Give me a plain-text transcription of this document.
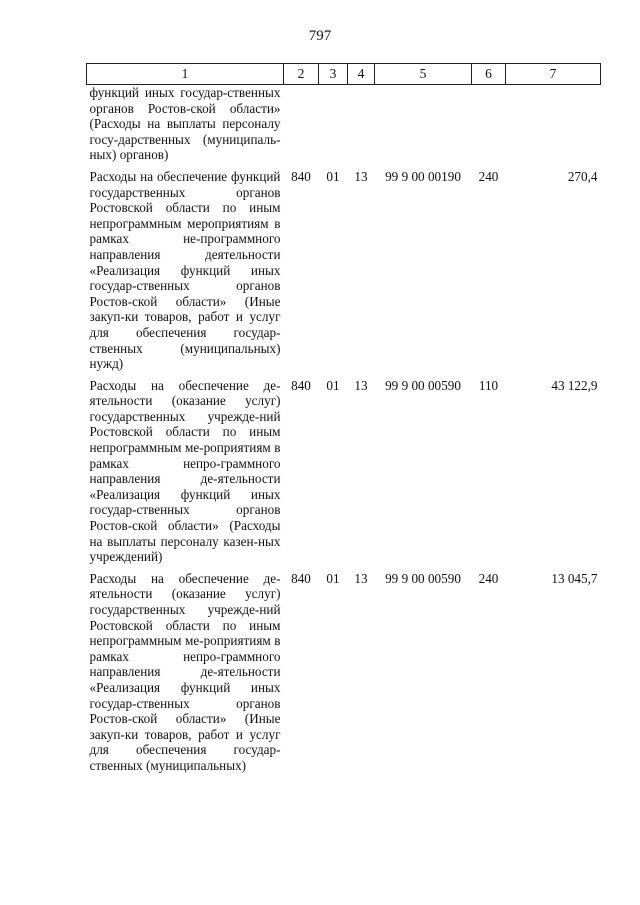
797
1	2	3	4	5	6	7
функций иных государ-ственных органов Ростов-ской области» (Расходы на выплаты персоналу госу-дарственных (муниципаль-ных) органов)						
Расходы на обеспечение функций государственных органов Ростовской области по иным непрограммным мероприятиям в рамках не-программного направления деятельности «Реализация функций иных государ-ственных органов Ростов-ской области» (Иные закуп-ки товаров, работ и услуг для обеспечения государ-ственных (муниципальных) нужд)	840	01	13	99 9 00 00190	240	270,4
Расходы на обеспечение де-ятельности (оказание услуг) государственных учрежде-ний Ростовской области по иным непрограммным ме-роприятиям в рамках непро-граммного направления де-ятельности «Реализация функций иных государ-ственных органов Ростов-ской области» (Расходы на выплаты персоналу казен-ных учреждений)	840	01	13	99 9 00 00590	110	43 122,9
Расходы на обеспечение де-ятельности (оказание услуг) государственных учрежде-ний Ростовской области по иным непрограммным ме-роприятиям в рамках непро-граммного направления де-ятельности «Реализация функций иных государ-ственных органов Ростов-ской области» (Иные закуп-ки товаров, работ и услуг для обеспечения государ-ственных (муниципальных)	840	01	13	99 9 00 00590	240	13 045,7
